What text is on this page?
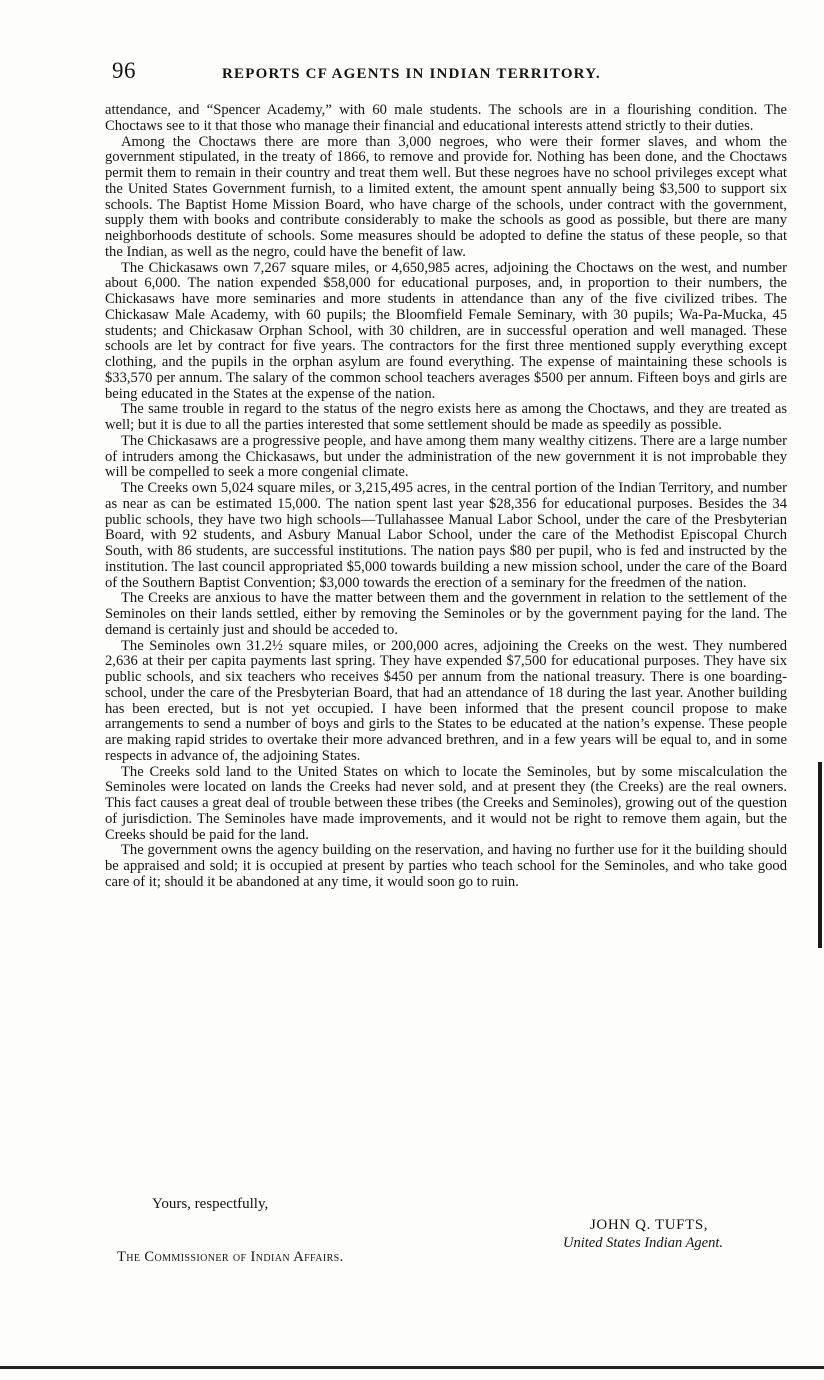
96	REPORTS CF AGENTS IN INDIAN TERRITORY.

attendance, and “Spencer Academy,” with 60 male students. The schools are in a flourishing condition. The Choctaws see to it that those who manage their financial and educational interests attend strictly to their duties.

Among the Choctaws there are more than 3,000 negroes, who were their former slaves, and whom the government stipulated, in the treaty of 1866, to remove and provide for. Nothing has been done, and the Choctaws permit them to remain in their country and treat them well. But these negroes have no school privileges except what the United States Government furnish, to a limited extent, the amount spent annually being $3,500 to support six schools. The Baptist Home Mission Board, who have charge of the schools, under contract with the government, supply them with books and contribute considerably to make the schools as good as possible, but there are many neighborhoods destitute of schools. Some measures should be adopted to define the status of these people, so that the Indian, as well as the negro, could have the benefit of law.

The Chickasaws own 7,267 square miles, or 4,650,985 acres, adjoining the Choctaws on the west, and number about 6,000. The nation expended $58,000 for educational purposes, and, in proportion to their numbers, the Chickasaws have more seminaries and more students in attendance than any of the five civilized tribes. The Chickasaw Male Academy, with 60 pupils; the Bloomfield Female Seminary, with 30 pupils; Wa-Pa-Mucka, 45 students; and Chickasaw Orphan School, with 30 children, are in successful operation and well managed. These schools are let by contract for five years. The contractors for the first three mentioned supply everything except clothing, and the pupils in the orphan asylum are found everything. The expense of maintaining these schools is $33,570 per annum. The salary of the common school teachers averages $500 per annum. Fifteen boys and girls are being educated in the States at the expense of the nation.

The same trouble in regard to the status of the negro exists here as among the Choctaws, and they are treated as well; but it is due to all the parties interested that some settlement should be made as speedily as possible.

The Chickasaws are a progressive people, and have among them many wealthy citizens. There are a large number of intruders among the Chickasaws, but under the administration of the new government it is not improbable they will be compelled to seek a more congenial climate.

The Creeks own 5,024 square miles, or 3,215,495 acres, in the central portion of the Indian Territory, and number as near as can be estimated 15,000. The nation spent last year $28,356 for educational purposes. Besides the 34 public schools, they have two high schools—Tullahassee Manual Labor School, under the care of the Presbyterian Board, with 92 students, and Asbury Manual Labor School, under the care of the Methodist Episcopal Church South, with 86 students, are successful institutions. The nation pays $80 per pupil, who is fed and instructed by the institution. The last council appropriated $5,000 towards building a new mission school, under the care of the Board of the Southern Baptist Convention; $3,000 towards the erection of a seminary for the freedmen of the nation.

The Creeks are anxious to have the matter between them and the government in relation to the settlement of the Seminoles on their lands settled, either by removing the Seminoles or by the government paying for the land. The demand is certainly just and should be acceded to.

The Seminoles own 31.2½ square miles, or 200,000 acres, adjoining the Creeks on the west. They numbered 2,636 at their per capita payments last spring. They have expended $7,500 for educational purposes. They have six public schools, and six teachers who receives $450 per annum from the national treasury. There is one boarding-school, under the care of the Presbyterian Board, that had an attendance of 18 during the last year. Another building has been erected, but is not yet occupied. I have been informed that the present council propose to make arrangements to send a number of boys and girls to the States to be educated at the nation’s expense. These people are making rapid strides to overtake their more advanced brethren, and in a few years will be equal to, and in some respects in advance of, the adjoining States.

The Creeks sold land to the United States on which to locate the Seminoles, but by some miscalculation the Seminoles were located on lands the Creeks had never sold, and at present they (the Creeks) are the real owners. This fact causes a great deal of trouble between these tribes (the Creeks and Seminoles), growing out of the question of jurisdiction. The Seminoles have made improvements, and it would not be right to remove them again, but the Creeks should be paid for the land.

The government owns the agency building on the reservation, and having no further use for it the building should be appraised and sold; it is occupied at present by parties who teach school for the Seminoles, and who take good care of it; should it be abandoned at any time, it would soon go to ruin.

Yours, respectfully,
JOHN Q. TUFTS,
United States Indian Agent.
The Commissioner of Indian Affairs.
